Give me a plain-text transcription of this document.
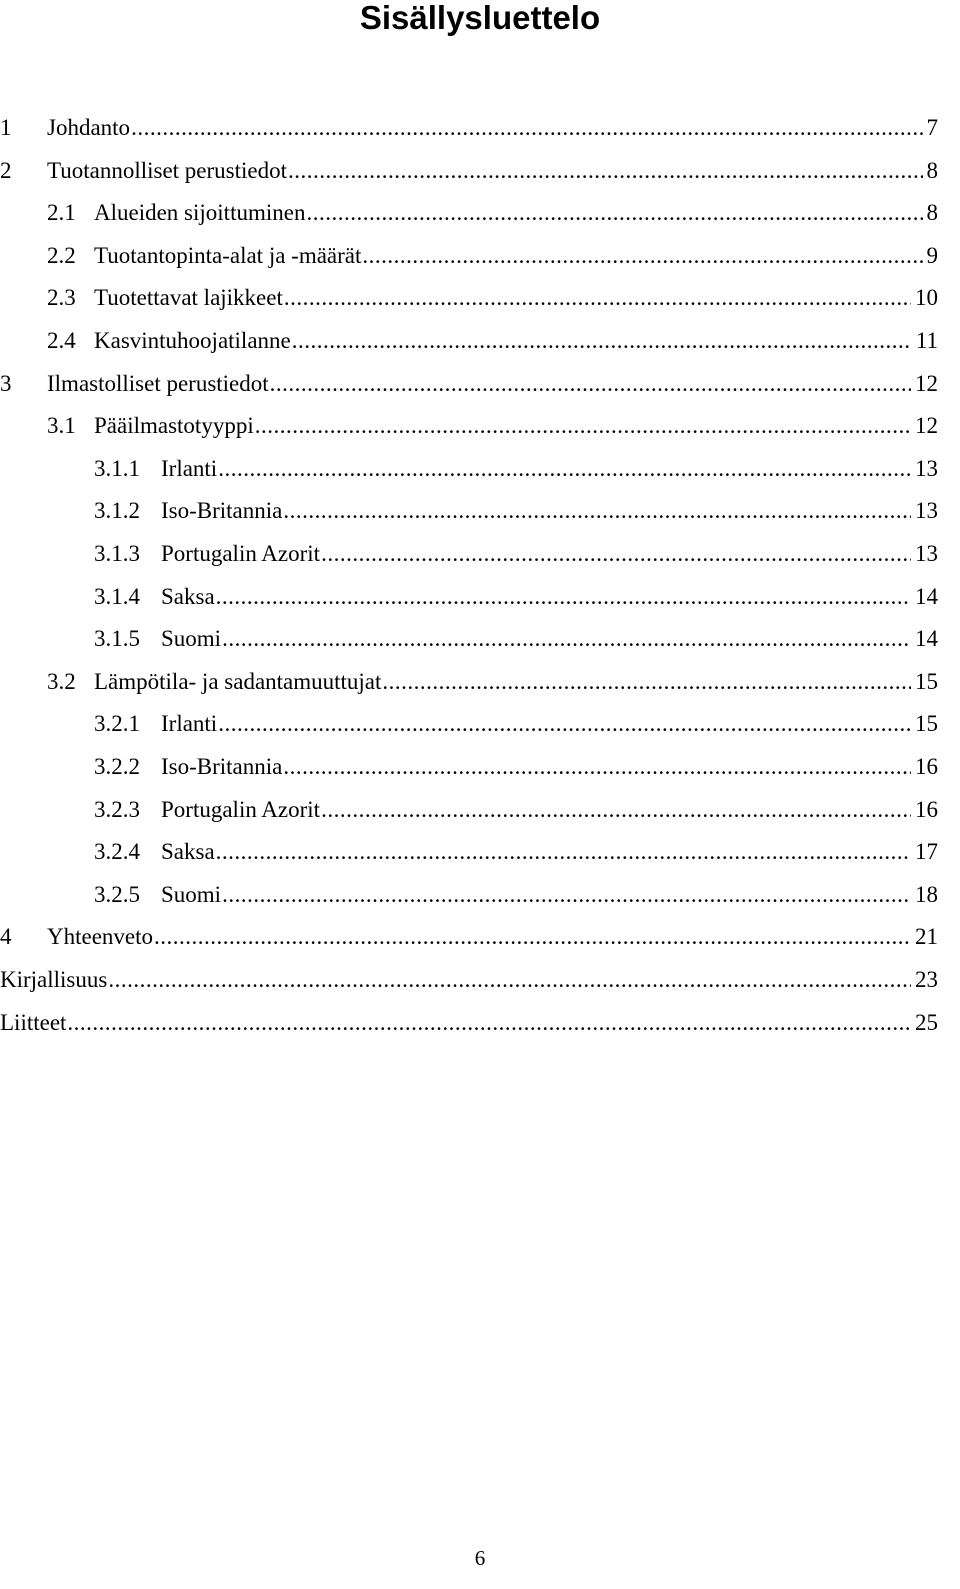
Sisällysluettelo
1 Johdanto .....	7
2 Tuotannolliset perustiedot .....	8
2.1 Alueiden sijoittuminen .....	8
2.2 Tuotantopinta-alat ja -määrät .....	9
2.3 Tuotettavat lajikkeet .....	10
2.4 Kasvintuhoojatilanne .....	11
3 Ilmastolliset perustiedot .....	12
3.1 Pääilmastotyyppi .....	12
3.1.1 Irlanti .....	13
3.1.2 Iso-Britannia .....	13
3.1.3 Portugalin Azorit .....	13
3.1.4 Saksa .....	14
3.1.5 Suomi .....	14
3.2 Lämpötila- ja sadantamuuttujat .....	15
3.2.1 Irlanti .....	15
3.2.2 Iso-Britannia .....	16
3.2.3 Portugalin Azorit .....	16
3.2.4 Saksa .....	17
3.2.5 Suomi .....	18
4 Yhteenveto .....	21
Kirjallisuus .....	23
Liitteet .....	25
6
